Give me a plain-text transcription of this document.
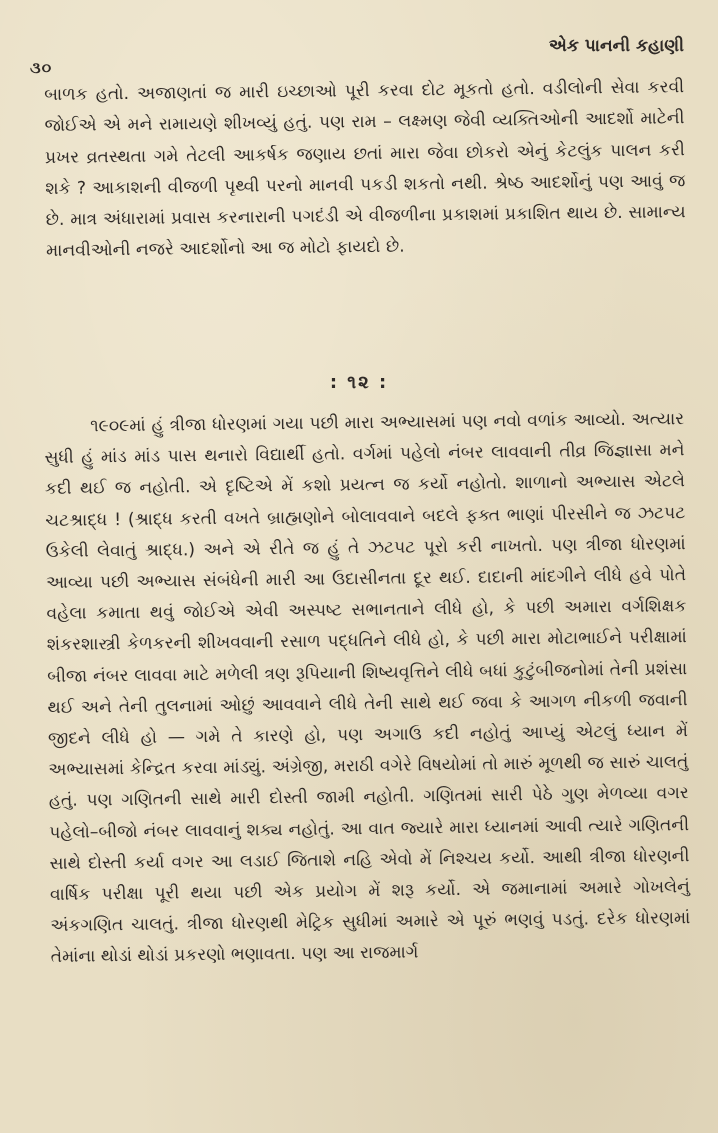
૩૦
એક પાનની કહાણી

બાળક હતો. અજાણતાં જ મારી ઇચ્છાઓ પૂરી કરવા દોટ મૂકતો હતો. વડીલોની સેવા કરવી જોઈએ એ મને રામાયણે શીખવ્યું હતું. પણ રામ – લક્ષ્મણ જેવી વ્યક્તિઓની આદર્શો માટેની પ્રખર વ્રતસ્થતા ગમે તેટલી આકર્ષક જણાય છતાં મારા જેવા છોકરો એનું કેટલુંક પાલન કરી શકે ? આકાશની વીજળી પૃથ્વી પરનો માનવી પકડી શકતો નથી. શ્રેષ્ઠ આદર્શોનું પણ આવું જ છે. માત્ર અંધારામાં પ્રવાસ કરનારાની પગદંડી એ વીજળીના પ્રકાશમાં પ્રકાશિત થાય છે. સામાન્ય માનવીઓની નજરે આદર્શોનો આ જ મોટો ફાયદો છે.

: ૧૨ :

૧૯૦૯માં હું ત્રીજા ધોરણમાં ગયા પછી મારા અભ્યાસમાં પણ નવો વળાંક આવ્યો. અત્યાર સુધી હું માંડ માંડ પાસ થનારો વિદ્યાર્થી હતો. વર્ગમાં પહેલો નંબર લાવવાની તીવ્ર જિજ્ઞાસા મને કદી થઈ જ નહોતી. એ દૃષ્ટિએ મેં કશો પ્રયત્ન જ કર્યો નહોતો. શાળાનો અભ્યાસ એટલે ચટશ્રાદ્ધ ! (શ્રાદ્ધ કરતી વખતે બ્રાહ્મણોને બોલાવવાને બદલે ફક્ત ભાણાં પીરસીને જ ઝટપટ ઉકેલી લેવાતું શ્રાદ્ધ.) અને એ રીતે જ હું તે ઝટપટ પૂરો કરી નાખતો. પણ ત્રીજા ધોરણમાં આવ્યા પછી અભ્યાસ સંબંધેની મારી આ ઉદાસીનતા દૂર થઈ. દાદાની માંદગીને લીધે હવે પોતે વહેલા કમાતા થવું જોઈએ એવી અસ્પષ્ટ સભાનતાને લીધે હો, કે પછી અમારા વર્ગશિક્ષક શંકરશાસ્ત્રી કેળકરની શીખવવાની રસાળ પદ્ધતિને લીધે હો, કે પછી મારા મોટાભાઈને પરીક્ષામાં બીજા નંબર લાવવા માટે મળેલી ત્રણ રૂપિયાની શિષ્યવૃત્તિને લીધે બધાં કુટુંબીજનોમાં તેની પ્રશંસા થઈ અને તેની તુલનામાં ઓછું આવવાને લીધે તેની સાથે થઈ જવા કે આગળ નીકળી જવાની જીદને લીધે હો — ગમે તે કારણે હો, પણ અગાઉ કદી નહોતું આપ્યું એટલું ધ્યાન મેં અભ્યાસમાં કેન્દ્રિત કરવા માંડ્યું. અંગ્રેજી, મરાઠી વગેરે વિષયોમાં તો મારું મૂળથી જ સારું ચાલતું હતું. પણ ગણિતની સાથે મારી દોસ્તી જામી નહોતી. ગણિતમાં સારી પેઠે ગુણ મેળવ્યા વગર પહેલો–બીજો નંબર લાવવાનું શક્ય નહોતું. આ વાત જ્યારે મારા ધ્યાનમાં આવી ત્યારે ગણિતની સાથે દોસ્તી કર્યા વગર આ લડાઈ જિતાશે નહિ એવો મેં નિશ્ચય કર્યો. આથી ત્રીજા ધોરણની વાર્ષિક પરીક્ષા પૂરી થયા પછી એક પ્રયોગ મેં શરૂ કર્યો. એ જમાનામાં અમારે ગોખલેનું અંકગણિત ચાલતું. ત્રીજા ધોરણથી મેટ્રિક સુધીમાં અમારે એ પૂરું ભણવું પડતું. દરેક ધોરણમાં તેમાંના થોડાં થોડાં પ્રકરણો ભણાવતા. પણ આ રાજમાર્ગ
